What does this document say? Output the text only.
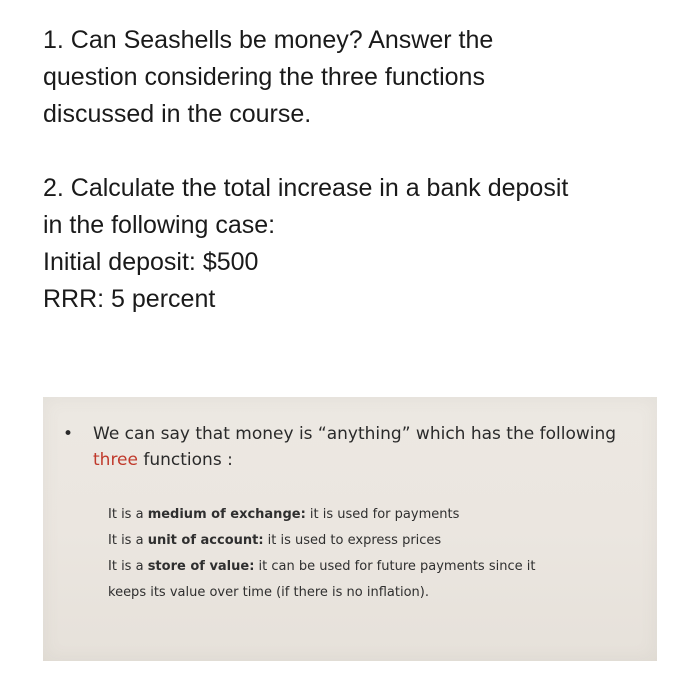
1. Can Seashells be money? Answer the
question considering the three functions
discussed in the course.

2. Calculate the total increase in a bank deposit
in the following case:
Initial deposit: $500
RRR: 5 percent

• We can say that money is “anything” which has the following
three functions :
It is a medium of exchange: it is used for payments
It is a unit of account: it is used to express prices
It is a store of value: it can be used for future payments since it
keeps its value over time (if there is no inflation).
